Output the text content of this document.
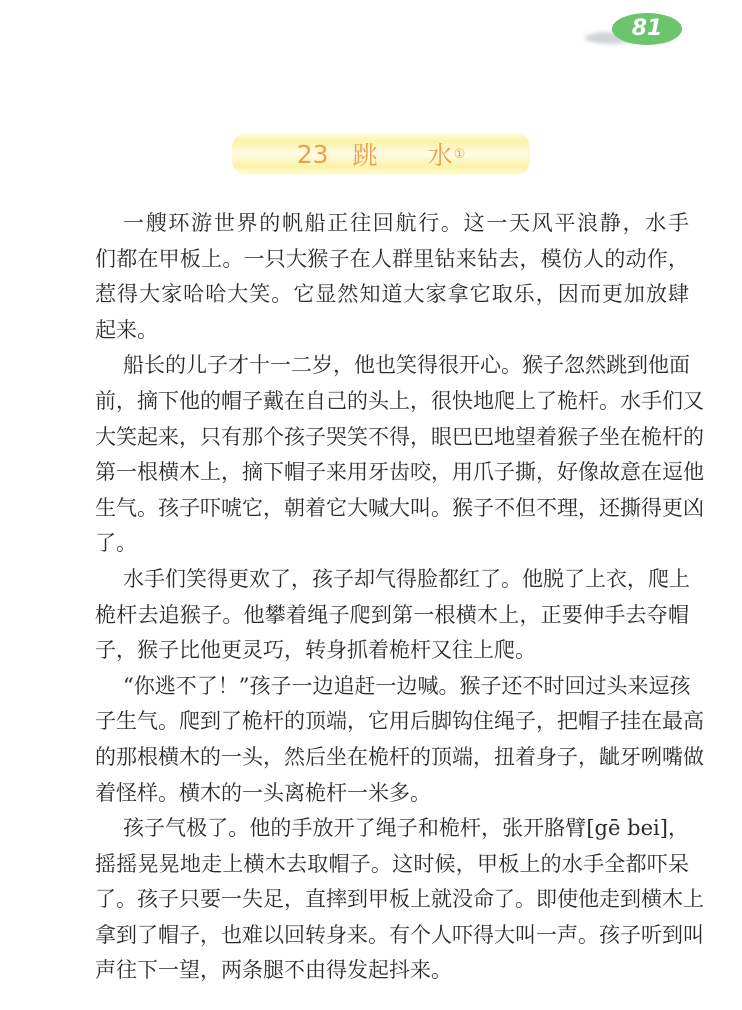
81
23 跳 水 ①
一艘环游世界的帆船正往回航行。这一天风平浪静，水手
们都在甲板上。一只大猴子在人群里钻来钻去，模仿人的动作，
惹得大家哈哈大笑。它显然知道大家拿它取乐，因而更加放肆
起来。
船长的儿子才十一二岁，他也笑得很开心。猴子忽然跳到他面
前，摘下他的帽子戴在自己的头上，很快地爬上了桅杆。水手们又
大笑起来，只有那个孩子哭笑不得，眼巴巴地望着猴子坐在桅杆的
第一根横木上，摘下帽子来用牙齿咬，用爪子撕，好像故意在逗他
生气。孩子吓唬它，朝着它大喊大叫。猴子不但不理，还撕得更凶
了。
水手们笑得更欢了，孩子却气得脸都红了。他脱了上衣，爬上
桅杆去追猴子。他攀着绳子爬到第一根横木上，正要伸手去夺帽
子，猴子比他更灵巧，转身抓着桅杆又往上爬。
“你逃不了！”孩子一边追赶一边喊。猴子还不时回过头来逗孩
子生气。爬到了桅杆的顶端，它用后脚钩住绳子，把帽子挂在最高
的那根横木的一头，然后坐在桅杆的顶端，扭着身子，龇牙咧嘴做
着怪样。横木的一头离桅杆一米多。
孩子气极了。他的手放开了绳子和桅杆，张开胳臂[gē bei]，
摇摇晃晃地走上横木去取帽子。这时候，甲板上的水手全都吓呆
了。孩子只要一失足，直摔到甲板上就没命了。即使他走到横木上
拿到了帽子，也难以回转身来。有个人吓得大叫一声。孩子听到叫
声往下一望，两条腿不由得发起抖来。
